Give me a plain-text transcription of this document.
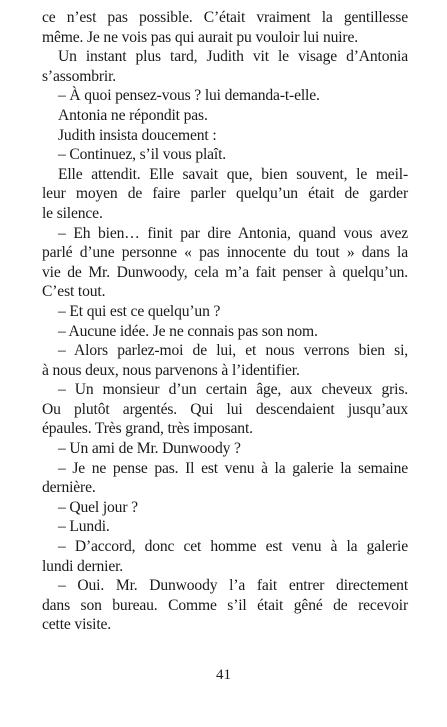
ce n’est pas possible. C’était vraiment la gentillesse
même. Je ne vois pas qui aurait pu vouloir lui nuire.
Un instant plus tard, Judith vit le visage d’Antonia
s’assombrir.
– À quoi pensez-vous ? lui demanda-t-elle.
Antonia ne répondit pas.
Judith insista doucement :
– Continuez, s’il vous plaît.
Elle attendit. Elle savait que, bien souvent, le meil-
leur moyen de faire parler quelqu’un était de garder
le silence.
– Eh bien… finit par dire Antonia, quand vous avez
parlé d’une personne « pas innocente du tout » dans la
vie de Mr. Dunwoody, cela m’a fait penser à quelqu’un.
C’est tout.
– Et qui est ce quelqu’un ?
– Aucune idée. Je ne connais pas son nom.
– Alors parlez-moi de lui, et nous verrons bien si,
à nous deux, nous parvenons à l’identifier.
– Un monsieur d’un certain âge, aux cheveux gris.
Ou plutôt argentés. Qui lui descendaient jusqu’aux
épaules. Très grand, très imposant.
– Un ami de Mr. Dunwoody ?
– Je ne pense pas. Il est venu à la galerie la semaine
dernière.
– Quel jour ?
– Lundi.
– D’accord, donc cet homme est venu à la galerie
lundi dernier.
– Oui. Mr. Dunwoody l’a fait entrer directement
dans son bureau. Comme s’il était gêné de recevoir
cette visite.
41
